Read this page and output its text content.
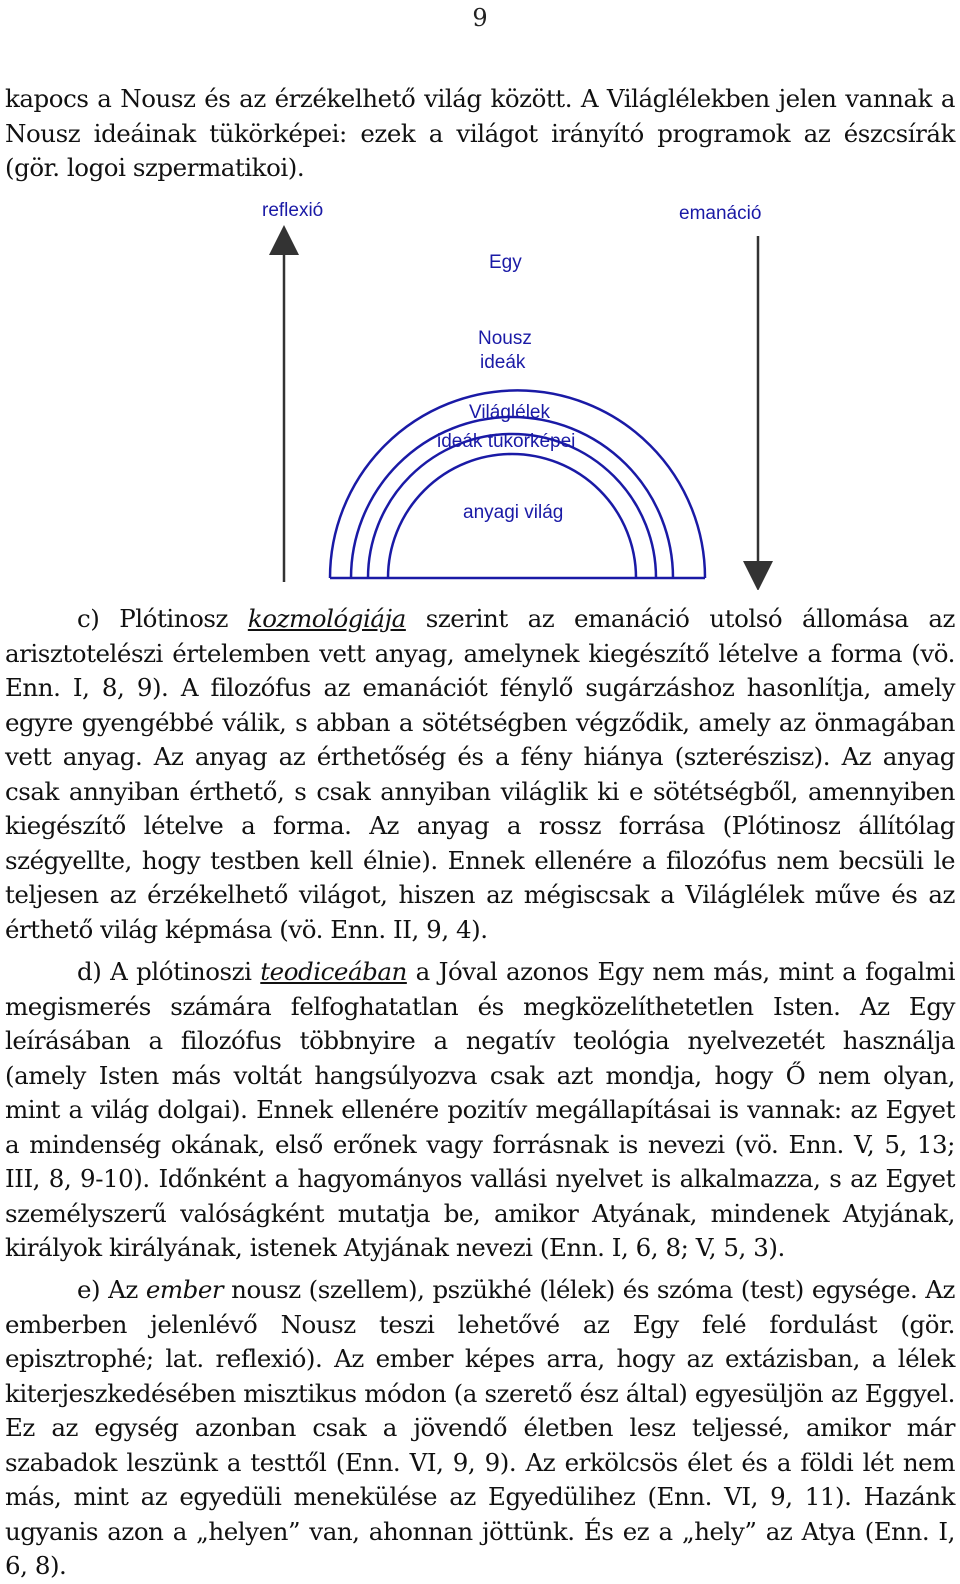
9

kapocs a Nousz és az érzékelhető világ között. A Világlélekben jelen vannak a Nousz ideáinak tükörképei: ezek a világot irányító programok az észcsírák (gör. logoi szpermatikoi).

reflexió	emanáció
Egy
Nousz
ideák
Világlélek
ideák tükörképei
anyagi világ

c) Plótinosz kozmológiája szerint az emanáció utolsó állomása az arisztotelészi értelemben vett anyag, amelynek kiegészítő lételve a forma (vö. Enn. I, 8, 9). A filozófus az emanációt fénylő sugárzáshoz hasonlítja, amely egyre gyengébbé válik, s abban a sötétségben végződik, amely az önmagában vett anyag. Az anyag az érthetőség és a fény hiánya (szterészisz). Az anyag csak annyiban érthető, s csak annyiban világlik ki e sötétségből, amennyiben kiegészítő lételve a forma. Az anyag a rossz forrása (Plótinosz állítólag szégyellte, hogy testben kell élnie). Ennek ellenére a filozófus nem becsüli le teljesen az érzékelhető világot, hiszen az mégiscsak a Világlélek műve és az érthető világ képmása (vö. Enn. II, 9, 4).

d) A plótinoszi teodiceában a Jóval azonos Egy nem más, mint a fogalmi megismerés számára felfoghatatlan és megközelíthetetlen Isten. Az Egy leírásában a filozófus többnyire a negatív teológia nyelvezetét használja (amely Isten más voltát hangsúlyozva csak azt mondja, hogy Ő nem olyan, mint a világ dolgai). Ennek ellenére pozitív megállapításai is vannak: az Egyet a mindenség okának, első erőnek vagy forrásnak is nevezi (vö. Enn. V, 5, 13; III, 8, 9-10). Időnként a hagyományos vallási nyelvet is alkalmazza, s az Egyet személyszerű valóságként mutatja be, amikor Atyának, mindenek Atyjának, királyok királyának, istenek Atyjának nevezi (Enn. I, 6, 8; V, 5, 3).

e) Az ember nousz (szellem), pszükhé (lélek) és szóma (test) egysége. Az emberben jelenlévő Nousz teszi lehetővé az Egy felé fordulást (gör. episztrophé; lat. reflexió). Az ember képes arra, hogy az extázisban, a lélek kiterjeszkedésében misztikus módon (a szerető ész által) egyesüljön az Eggyel. Ez az egység azonban csak a jövendő életben lesz teljessé, amikor már szabadok leszünk a testtől (Enn. VI, 9, 9). Az erkölcsös élet és a földi lét nem más, mint az egyedüli menekülése az Egyedülihez (Enn. VI, 9, 11). Hazánk ugyanis azon a „helyen” van, ahonnan jöttünk. És ez a „hely” az Atya (Enn. I, 6, 8).
